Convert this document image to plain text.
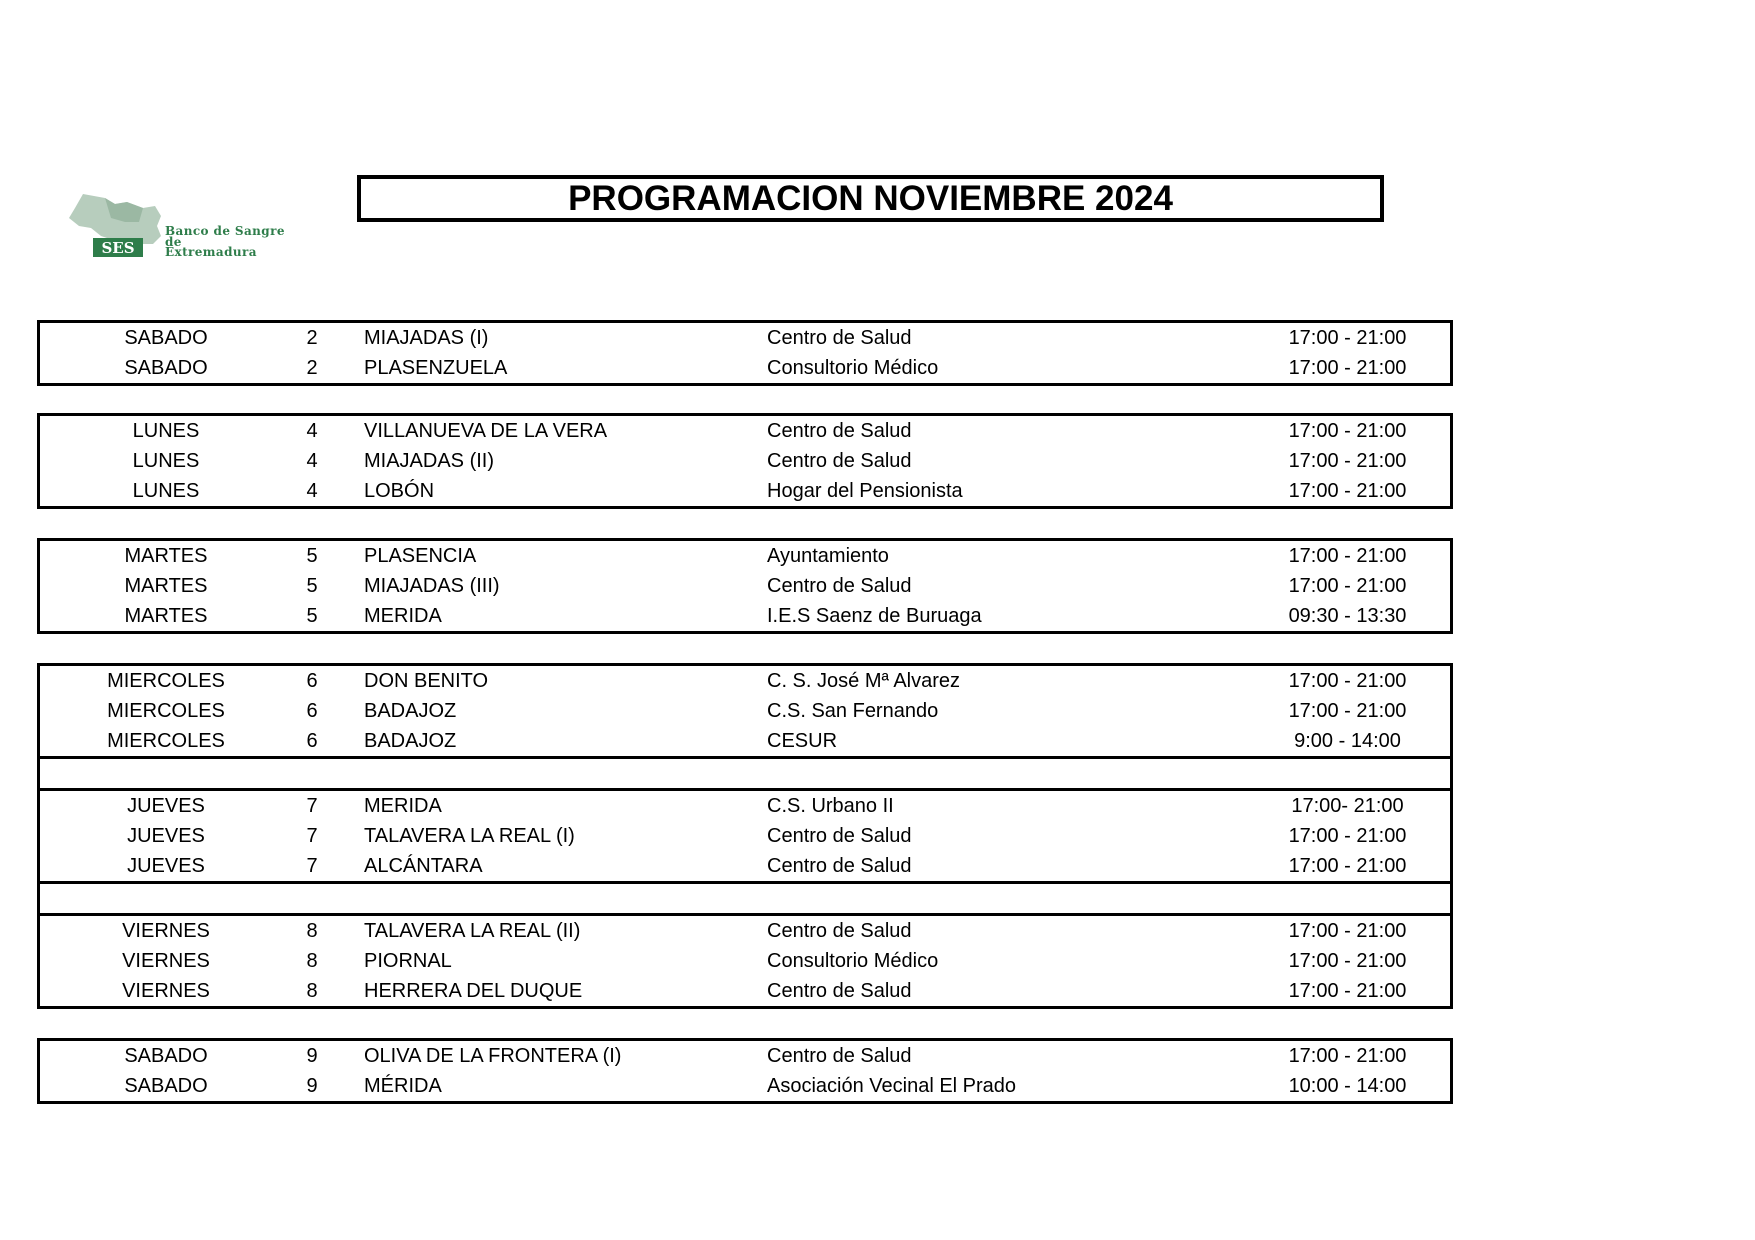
SES
Banco de Sangre
de
Extremadura
PROGRAMACION NOVIEMBRE 2024
SABADO	2	MIAJADAS (I)	Centro de Salud	17:00 - 21:00
SABADO	2	PLASENZUELA	Consultorio Médico	17:00 - 21:00
LUNES	4	VILLANUEVA DE LA VERA	Centro de Salud	17:00 - 21:00
LUNES	4	MIAJADAS (II)	Centro de Salud	17:00 - 21:00
LUNES	4	LOBÓN	Hogar del Pensionista	17:00 - 21:00
MARTES	5	PLASENCIA	Ayuntamiento	17:00 - 21:00
MARTES	5	MIAJADAS (III)	Centro de Salud	17:00 - 21:00
MARTES	5	MERIDA	I.E.S Saenz de Buruaga	09:30 - 13:30
MIERCOLES	6	DON BENITO	C. S. José Mª Alvarez	17:00 - 21:00
MIERCOLES	6	BADAJOZ	C.S. San Fernando	17:00 - 21:00
MIERCOLES	6	BADAJOZ	CESUR	9:00 - 14:00
JUEVES	7	MERIDA	C.S. Urbano II	17:00- 21:00
JUEVES	7	TALAVERA LA REAL (I)	Centro de Salud	17:00 - 21:00
JUEVES	7	ALCÁNTARA	Centro de Salud	17:00 - 21:00
VIERNES	8	TALAVERA LA REAL (II)	Centro de Salud	17:00 - 21:00
VIERNES	8	PIORNAL	Consultorio Médico	17:00 - 21:00
VIERNES	8	HERRERA DEL DUQUE	Centro de Salud	17:00 - 21:00
SABADO	9	OLIVA DE LA FRONTERA (I)	Centro de Salud	17:00 - 21:00
SABADO	9	MÉRIDA	Asociación Vecinal El Prado	10:00 - 14:00
